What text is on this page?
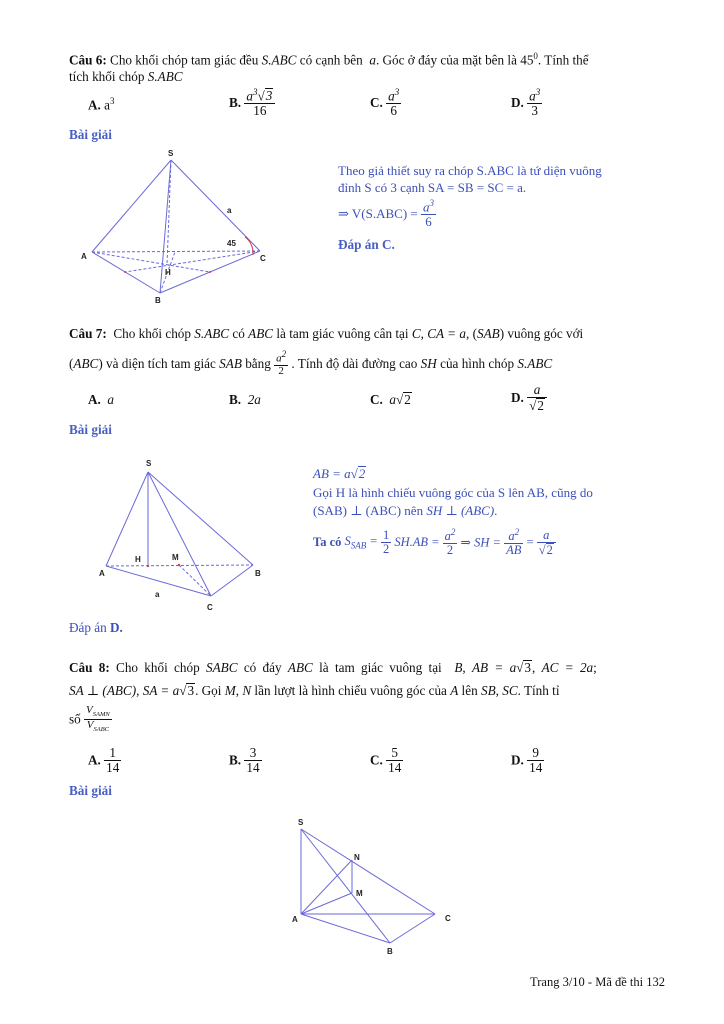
Câu 6: Cho khối chóp tam giác đều S.ABC có cạnh bên a. Góc ở đáy của mặt bên là $45^0$. Tính thể
tích khối chóp S.ABC
A. $a^3$	B. $\frac{a^3√3}{16}$	C. $\frac{a^3}{6}$	D. $\frac{a^3}{3}$
Bài giải
S
A
B
C
H
a
45
Theo giả thiết suy ra chóp S.ABC là tứ diện vuông
đỉnh S có 3 cạnh SA = SB = SC = a.
⇒ $V(S.ABC) = \frac{a^3}{6}$
Đáp án C.
Câu 7: Cho khối chóp S.ABC có ABC là tam giác vuông cân tại C, CA = a, (SAB) vuông góc với
(ABC) và diện tích tam giác SAB bằng $\frac{a^2}{2}$ . Tính độ dài đường cao SH của hình chóp S.ABC
A. a	B. 2a	C. a√2	D. $\frac{a}{√2}$
Bài giải
S
A	B
C
H	M
a
AB = a√2
Gọi H là hình chiếu vuông góc của S lên AB, cũng do
(SAB) ⊥ (ABC) nên SH ⊥ (ABC).
Ta có $S_{SAB} = \frac{1}{2} SH.AB = \frac{a^2}{2}$ ⇒ SH = $\frac{a^2}{AB} = \frac{a}{√2}$
Đáp án D.
Câu 8: Cho khối chóp SABC có đáy ABC là tam giác vuông tại B, AB = a√3, AC = 2a;
SA ⊥ (ABC), SA = a√3. Gọi M, N lần lượt là hình chiếu vuông góc của A lên SB, SC. Tính tỉ
số $\frac{V_{SAMN}}{V_{SABC}}$
A. $\frac{1}{14}$	B. $\frac{3}{14}$	C. $\frac{5}{14}$	D. $\frac{9}{14}$
Bài giải
S
A
B
C
M
N
Trang 3/10 - Mã đề thi 132
